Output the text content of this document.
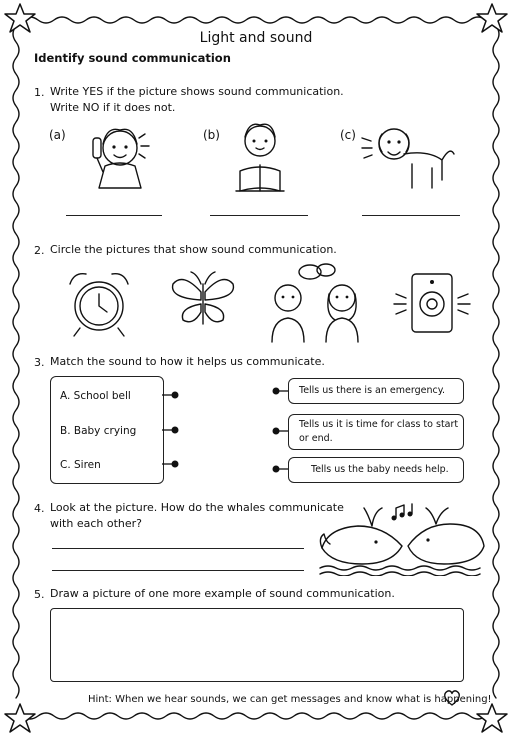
Light and sound
Identify sound communication
1. Write YES if the picture shows sound communication.
Write NO if it does not.
(a)	(b)	(c)
2. Circle the pictures that show sound communication.
3. Match the sound to how it helps us communicate.
A. School bell
B. Baby crying
C. Siren
Tells us there is an emergency.
Tells us it is time for class to start
or end.
Tells us the baby needs help.
4. Look at the picture. How do the whales communicate
with each other?
5. Draw a picture of one more example of sound communication.
Hint: When we hear sounds, we can get messages and know what is happening!
